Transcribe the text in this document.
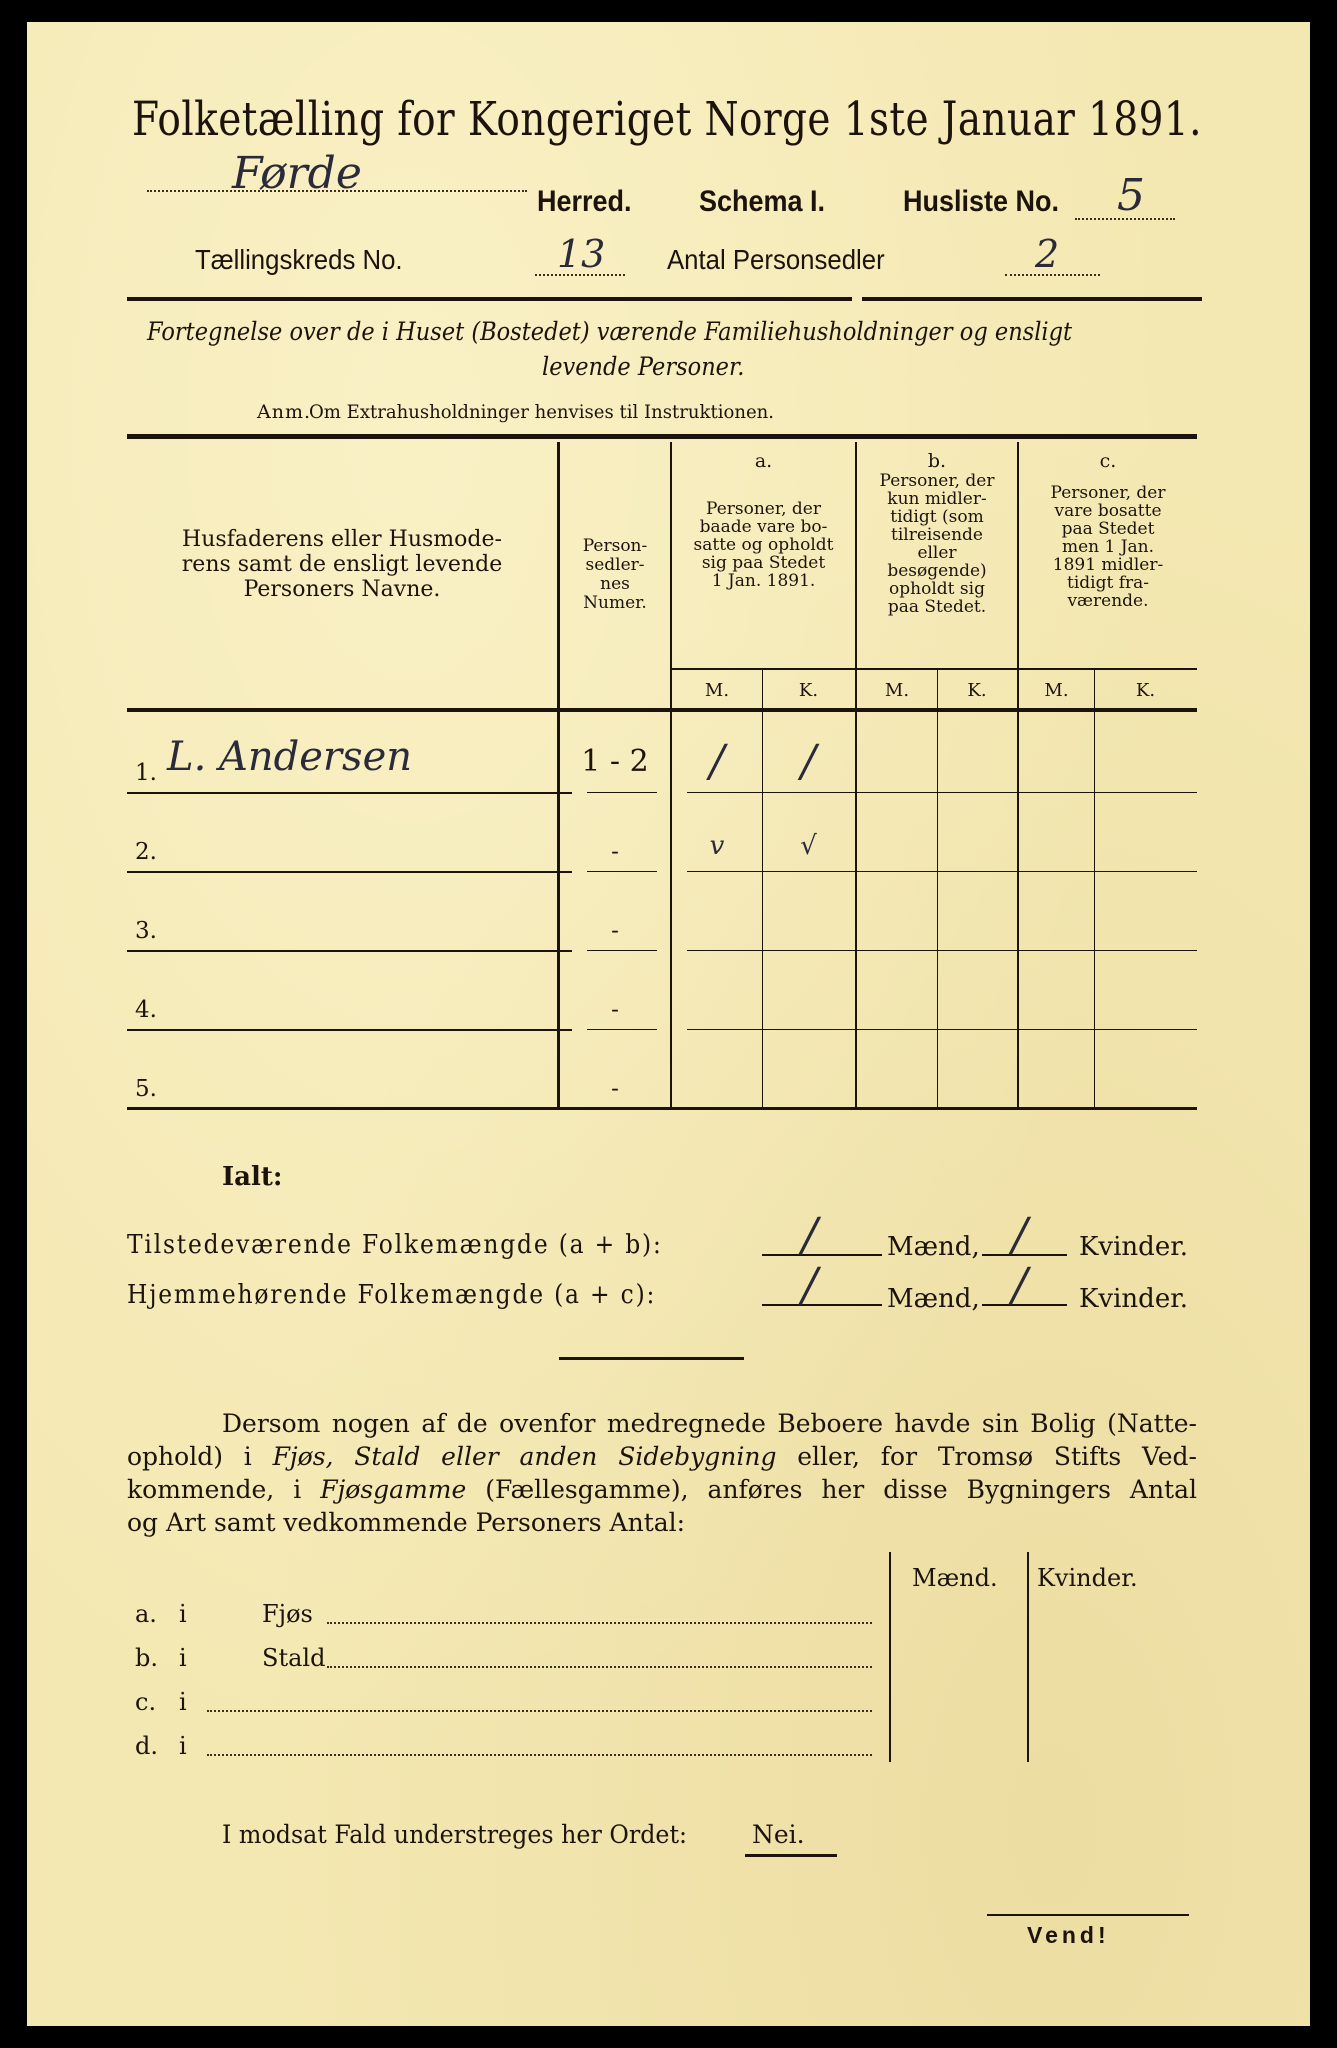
Folketælling for Kongeriget Norge 1ste Januar 1891.
Førde
Herred. Schema I.	Husliste No. 5
Tællingskreds No.	13 Antal Personsedler	2
Fortegnelse over de i Huset (Bostedet) værende Familiehusholdninger og ensligt
levende Personer.
Anm.
Om Extrahusholdninger henvises til Instruktionen.
Husfaderens eller Husmode-
rens samt de ensligt levende
Personers Navne.
Person-
sedler-
nes
Numer.
a.
Personer, der
baade vare bo-
satte og opholdt
sig paa Stedet
1 Jan. 1891.
b.
Personer, der
kun midler-
tidigt (som
tilreisende
eller
besøgende)
opholdt sig
paa Stedet.
c.
Personer, der
vare bosatte
paa Stedet
men 1 Jan.
1891 midler-
tidigt fra-
værende.
M.	K.	M.	K.	M.	K.
1. L. Andersen	1 - 2	/	/
2.	-	v	√
3.	-
4.	-
5.	-
Ialt:
Tilstedeværende Folkemængde (a + b):	/	Mænd, / Kvinder.
Hjemmehørende Folkemængde (a + c):	/	Mænd, / Kvinder.
Dersom nogen af de ovenfor medregnede Beboere havde sin Bolig (Natte-
ophold) i Fjøs, Stald eller anden Sidebygning eller, for Tromsø Stifts Ved-
kommende, i Fjøsgamme (Fællesgamme), anføres her disse Bygningers Antal
og Art samt vedkommende Personers Antal:
Mænd. Kvinder.
a. i	Fjøs
b. i	Stald
c. i
d. i
I modsat Fald understreges her Ordet:	Nei.
Vend!
